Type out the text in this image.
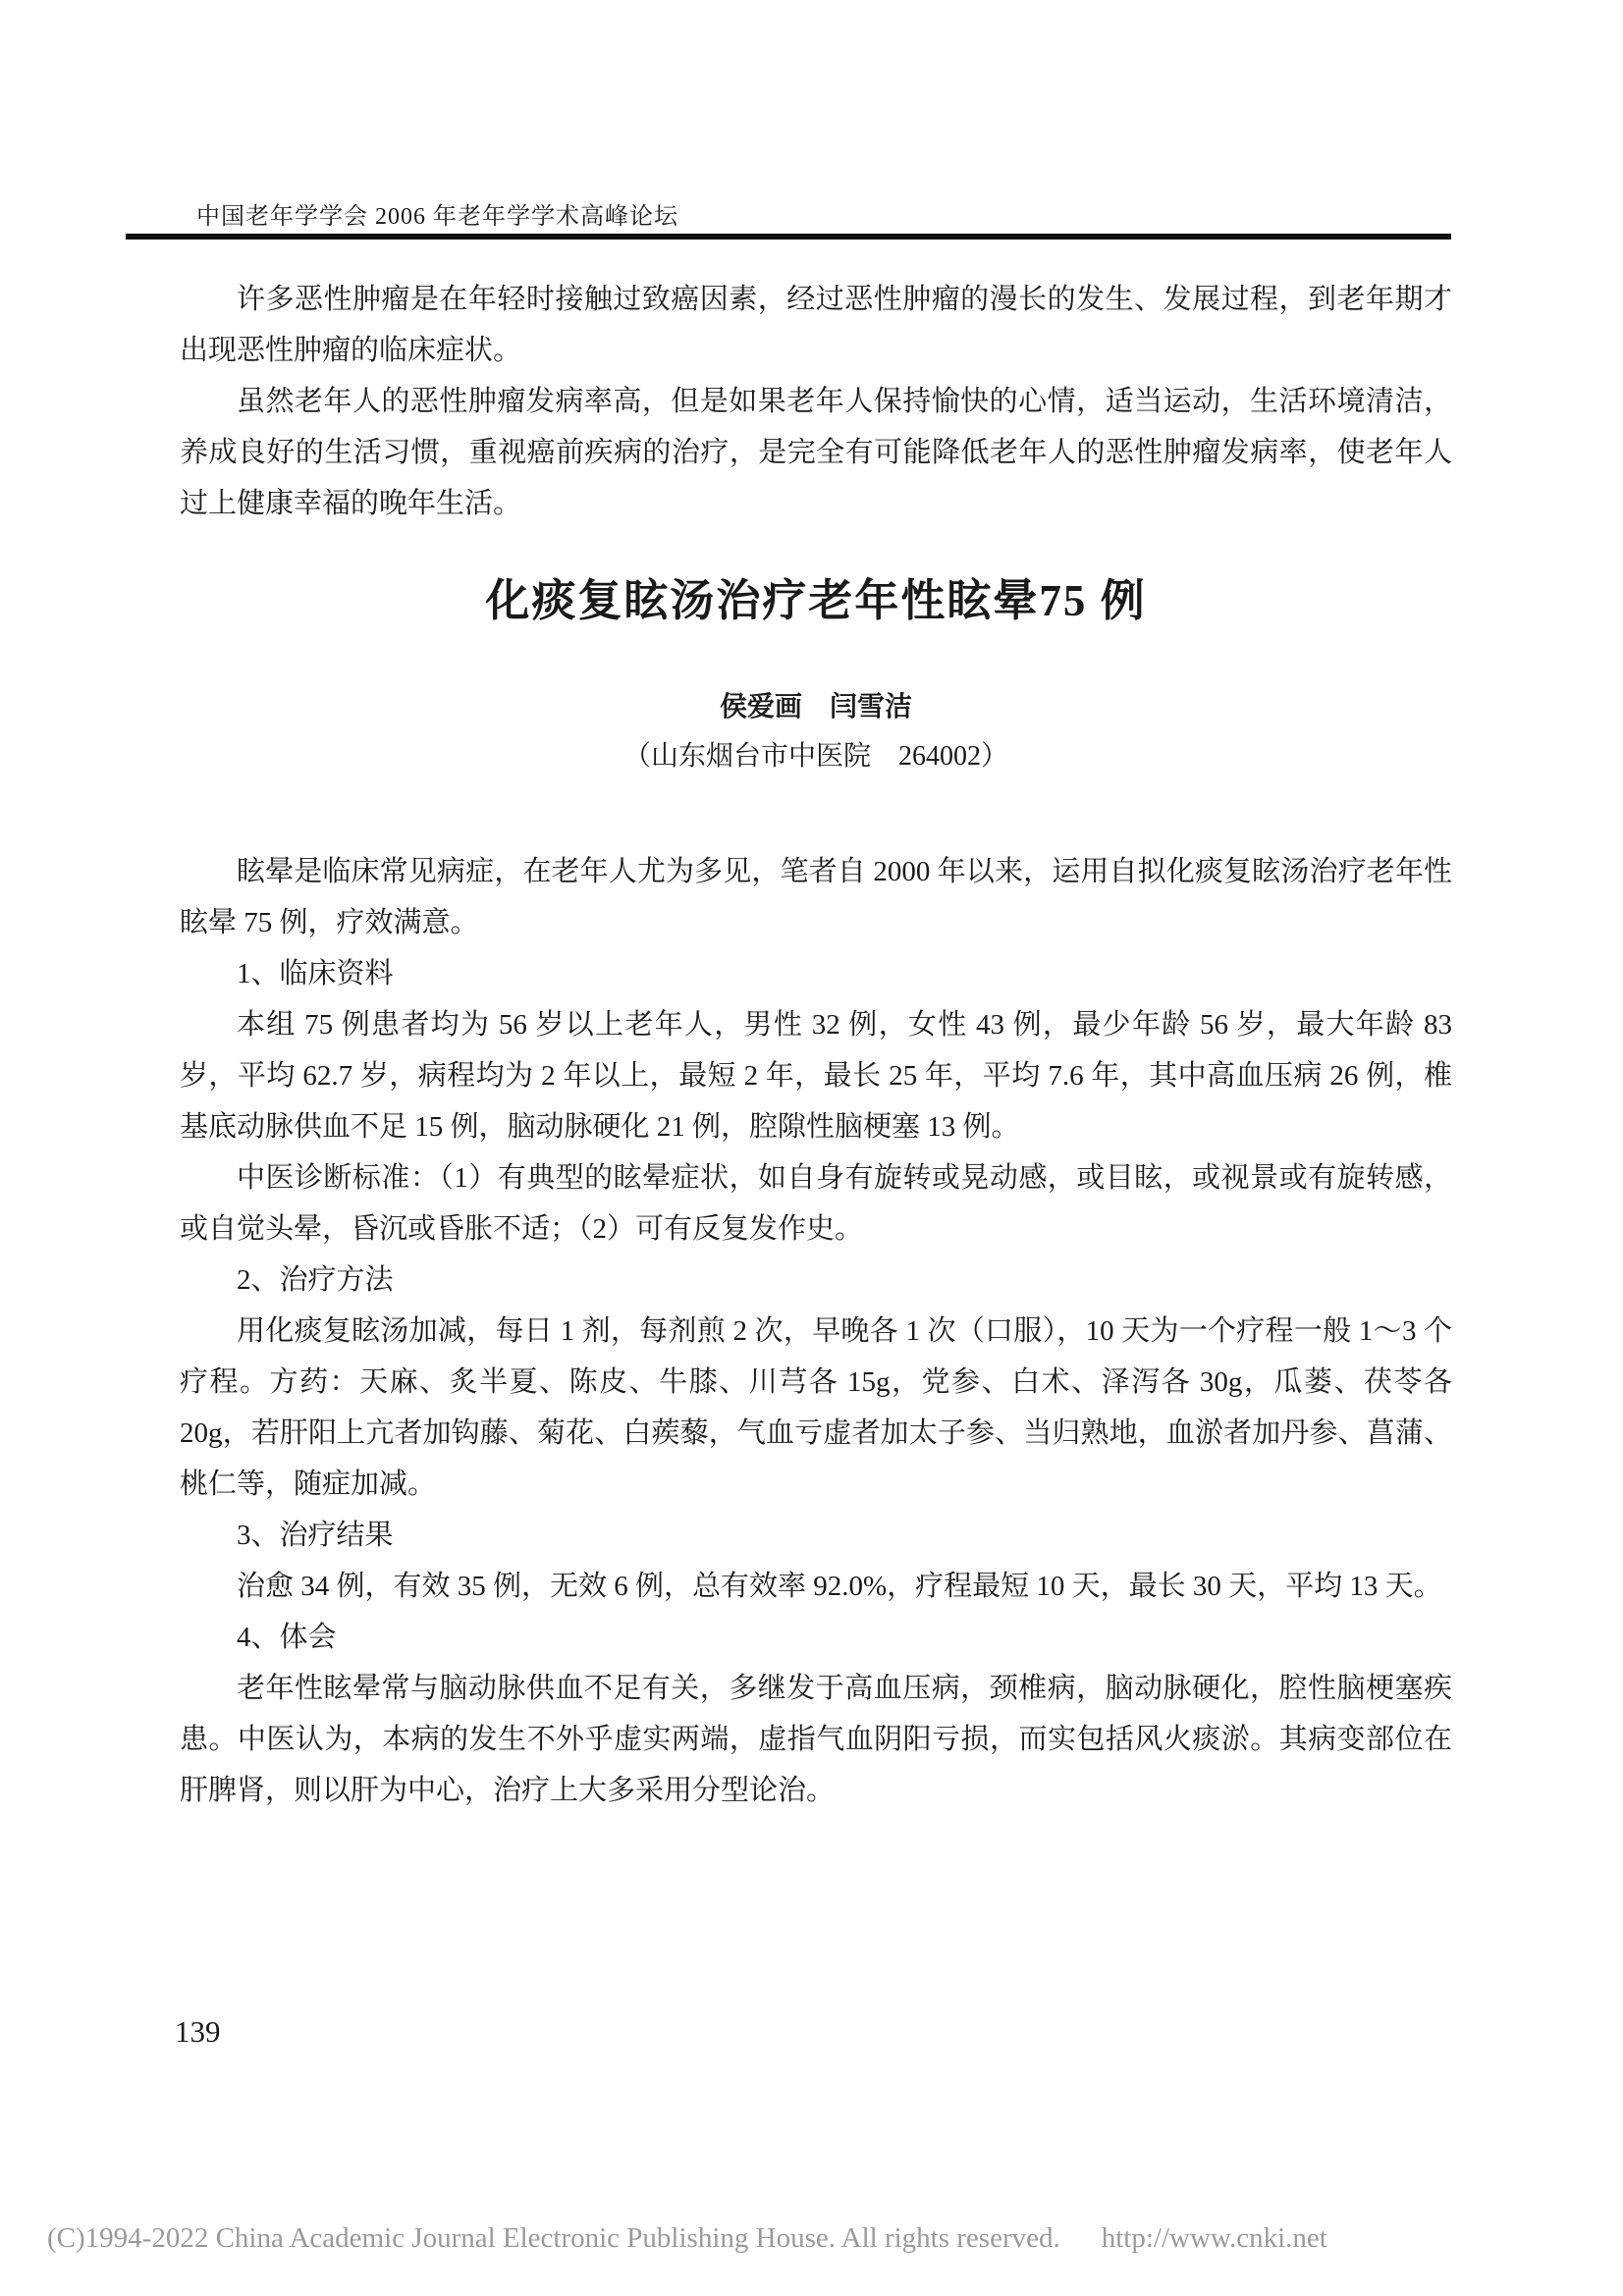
中国老年学学会 2006 年老年学学术高峰论坛

许多恶性肿瘤是在年轻时接触过致癌因素，经过恶性肿瘤的漫长的发生、发展过程，到老年期才出现恶性肿瘤的临床症状。

虽然老年人的恶性肿瘤发病率高，但是如果老年人保持愉快的心情，适当运动，生活环境清洁，养成良好的生活习惯，重视癌前疾病的治疗，是完全有可能降低老年人的恶性肿瘤发病率，使老年人过上健康幸福的晚年生活。

化痰复眩汤治疗老年性眩晕75 例
侯爱画　闫雪洁
（山东烟台市中医院　264002）

眩晕是临床常见病症，在老年人尤为多见，笔者自 2000 年以来，运用自拟化痰复眩汤治疗老年性眩晕 75 例，疗效满意。

1、临床资料

本组 75 例患者均为 56 岁以上老年人，男性 32 例，女性 43 例，最少年龄 56 岁，最大年龄 83 岁，平均 62.7 岁，病程均为 2 年以上，最短 2 年，最长 25 年，平均 7.6 年，其中高血压病 26 例，椎基底动脉供血不足 15 例，脑动脉硬化 21 例，腔隙性脑梗塞 13 例。

中医诊断标准：（1）有典型的眩晕症状，如自身有旋转或晃动感，或目眩，或视景或有旋转感，或自觉头晕，昏沉或昏胀不适；（2）可有反复发作史。

2、治疗方法

用化痰复眩汤加减，每日 1 剂，每剂煎 2 次，早晚各 1 次（口服），10 天为一个疗程一般 1～3 个疗程。方药：天麻、炙半夏、陈皮、牛膝、川芎各 15g，党参、白术、泽泻各 30g，瓜蒌、茯苓各 20g，若肝阳上亢者加钩藤、菊花、白蒺藜，气血亏虚者加太子参、当归熟地，血淤者加丹参、菖蒲、桃仁等，随症加减。

3、治疗结果

治愈 34 例，有效 35 例，无效 6 例，总有效率 92.0%，疗程最短 10 天，最长 30 天，平均 13 天。

4、体会

老年性眩晕常与脑动脉供血不足有关，多继发于高血压病，颈椎病，脑动脉硬化，腔性脑梗塞疾患。中医认为，本病的发生不外乎虚实两端，虚指气血阴阳亏损，而实包括风火痰淤。其病变部位在肝脾肾，则以肝为中心，治疗上大多采用分型论治。

139
(C)1994-2022 China Academic Journal Electronic Publishing House. All rights reserved. http://www.cnki.net
